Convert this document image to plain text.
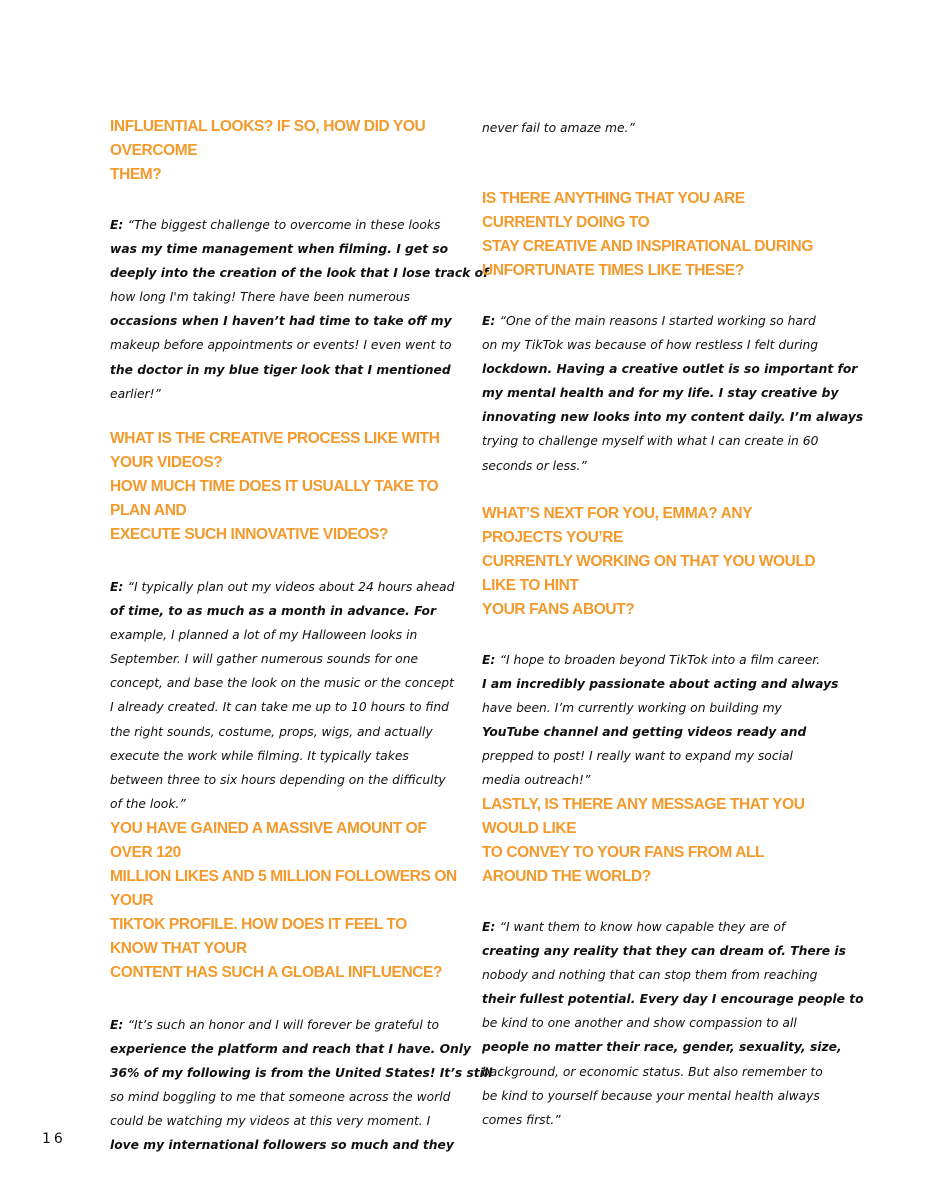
INFLUENTIAL LOOKS? IF SO, HOW DID YOU OVERCOME
THEM?

E: “The biggest challenge to overcome in these looks
was my time management when filming. I get so
deeply into the creation of the look that I lose track of
how long I'm taking! There have been numerous
occasions when I haven’t had time to take off my
makeup before appointments or events! I even went to
the doctor in my blue tiger look that I mentioned
earlier!”

WHAT IS THE CREATIVE PROCESS LIKE WITH YOUR VIDEOS?
HOW MUCH TIME DOES IT USUALLY TAKE TO PLAN AND
EXECUTE SUCH INNOVATIVE VIDEOS?

E: “I typically plan out my videos about 24 hours ahead
of time, to as much as a month in advance. For
example, I planned a lot of my Halloween looks in
September. I will gather numerous sounds for one
concept, and base the look on the music or the concept
I already created. It can take me up to 10 hours to find
the right sounds, costume, props, wigs, and actually
execute the work while filming. It typically takes
between three to six hours depending on the difficulty
of the look.”

YOU HAVE GAINED A MASSIVE AMOUNT OF OVER 120
MILLION LIKES AND 5 MILLION FOLLOWERS ON YOUR
TIKTOK PROFILE. HOW DOES IT FEEL TO KNOW THAT YOUR
CONTENT HAS SUCH A GLOBAL INFLUENCE?

E: “It’s such an honor and I will forever be grateful to
experience the platform and reach that I have. Only
36% of my following is from the United States! It’s still
so mind boggling to me that someone across the world
could be watching my videos at this very moment. I
love my international followers so much and they

never fail to amaze me.”

IS THERE ANYTHING THAT YOU ARE CURRENTLY DOING TO
STAY CREATIVE AND INSPIRATIONAL DURING
UNFORTUNATE TIMES LIKE THESE?

E: “One of the main reasons I started working so hard
on my TikTok was because of how restless I felt during
lockdown. Having a creative outlet is so important for
my mental health and for my life. I stay creative by
innovating new looks into my content daily. I’m always
trying to challenge myself with what I can create in 60
seconds or less.”

WHAT’S NEXT FOR YOU, EMMA? ANY PROJECTS YOU’RE
CURRENTLY WORKING ON THAT YOU WOULD LIKE TO HINT
YOUR FANS ABOUT?

E: “I hope to broaden beyond TikTok into a film career.
I am incredibly passionate about acting and always
have been. I’m currently working on building my
YouTube channel and getting videos ready and
prepped to post! I really want to expand my social
media outreach!”

LASTLY, IS THERE ANY MESSAGE THAT YOU WOULD LIKE
TO CONVEY TO YOUR FANS FROM ALL AROUND THE WORLD?

E: “I want them to know how capable they are of
creating any reality that they can dream of. There is
nobody and nothing that can stop them from reaching
their fullest potential. Every day I encourage people to
be kind to one another and show compassion to all
people no matter their race, gender, sexuality, size,
background, or economic status. But also remember to
be kind to yourself because your mental health always
comes first.”

16
